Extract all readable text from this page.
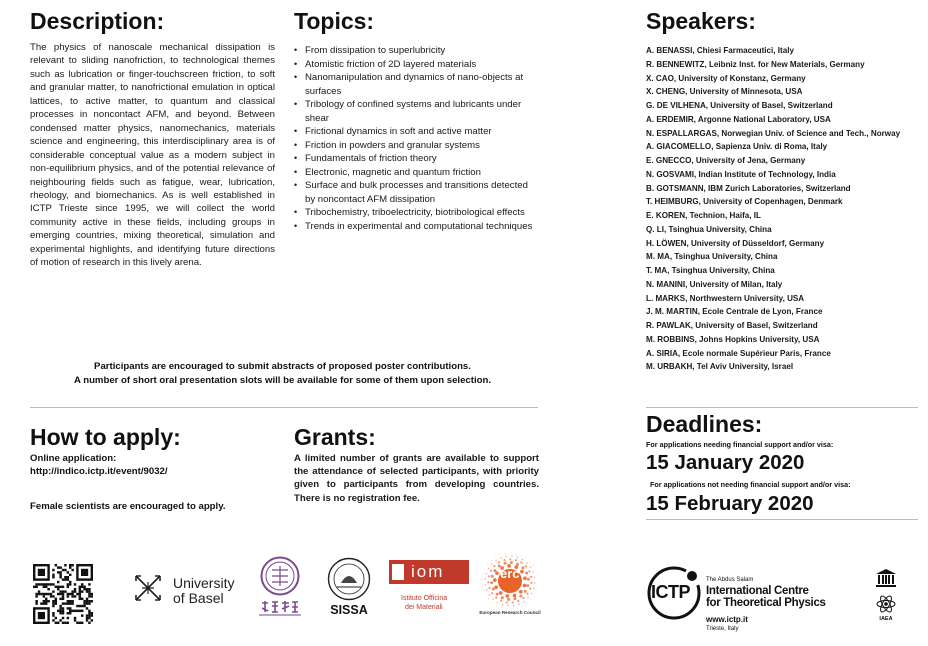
Description:
The physics of nanoscale mechanical dissipation is relevant to sliding nanofriction, to technological themes such as lubrication or finger-touchscreen friction, to soft and granular matter, to nanofrictional emulation in optical lattices, to active matter, to quantum and classical processes in noncontact AFM, and beyond. Between condensed matter physics, nanomechanics, materials science and engineering, this interdisciplinary area is of considerable conceptual value as a modern subject in non-equilibrium physics, and of the potential relevance of neighbouring fields such as fatigue, wear, lubrication, rheology, and biomechanics. As is well established in ICTP Trieste since 1995, we will collect the world community active in these fields, including groups in emerging countries, mixing theoretical, simulation and experimental highlights, and identifying future directions of motion of research in this lively arena.
Topics:
• From dissipation to superlubricity
• Atomistic friction of 2D layered materials
• Nanomanipulation and dynamics of nano-objects at surfaces
• Tribology of confined systems and lubricants under shear
• Frictional dynamics in soft and active matter
• Friction in powders and granular systems
• Fundamentals of friction theory
• Electronic, magnetic and quantum friction
• Surface and bulk processes and transitions detected by noncontact AFM dissipation
• Tribochemistry, triboelectricity, biotribological effects
• Trends in experimental and computational techniques
Speakers:
A. BENASSI, Chiesi Farmaceutici, Italy
R. BENNEWITZ, Leibniz Inst. for New Materials, Germany
X. CAO, University of Konstanz, Germany
X. CHENG, University of Minnesota, USA
G. DE VILHENA, University of Basel, Switzerland
A. ERDEMIR, Argonne National Laboratory, USA
N. ESPALLARGAS, Norwegian Univ. of Science and Tech., Norway
A. GIACOMELLO, Sapienza Univ. di Roma, Italy
E. GNECCO, University of Jena, Germany
N. GOSVAMI, Indian Institute of Technology, India
B. GOTSMANN, IBM Zurich Laboratories, Switzerland
T. HEIMBURG, University of Copenhagen, Denmark
E. KOREN, Technion, Haifa, IL
Q. LI, Tsinghua University, China
H. LÖWEN, University of Düsseldorf, Germany
M. MA, Tsinghua University, China
T. MA, Tsinghua University, China
N. MANINI, University of Milan, Italy
L. MARKS, Northwestern University, USA
J. M. MARTIN, Ecole Centrale de Lyon, France
R. PAWLAK, University of Basel, Switzerland
M. ROBBINS, Johns Hopkins University, USA
A. SIRIA, Ecole normale Supérieur Paris, France
M. URBAKH, Tel Aviv University, Israel
Participants are encouraged to submit abstracts of proposed poster contributions.
A number of short oral presentation slots will be available for some of them upon selection.
How to apply:
Online application:
http://indico.ictp.it/event/9032/
Female scientists are encouraged to apply.
Grants:
A limited number of grants are available to support the attendance of selected participants, with priority given to participants from developing countries. There is no registration fee.
Deadlines:
For applications needing financial support and/or visa:
15 January 2020
For applications not needing financial support and/or visa:
15 February 2020
University
of Basel
SISSA
iom
Istituto Officina
dei Materiali
erc
European Research Council
ICTP
The Abdus Salam
International Centre
for Theoretical Physics
www.ictp.it
Trieste, Italy
IAEA
